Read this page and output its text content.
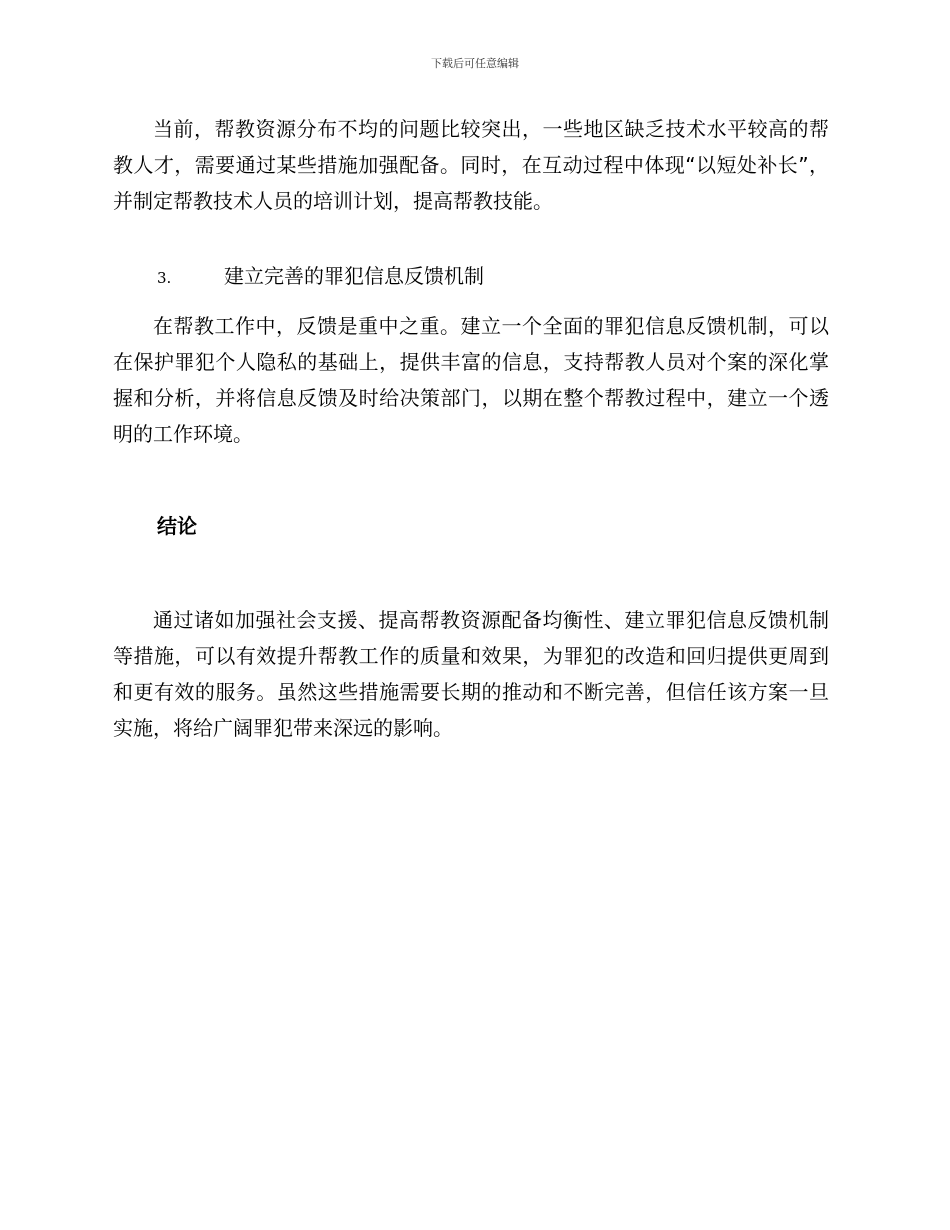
下载后可任意编辑

当前，帮教资源分布不均的问题比较突出，一些地区缺乏技术水平较高的帮教人才，需要通过某些措施加强配备。同时，在互动过程中体现“以短处补长”，并制定帮教技术人员的培训计划，提高帮教技能。

3.	建立完善的罪犯信息反馈机制

在帮教工作中，反馈是重中之重。建立一个全面的罪犯信息反馈机制，可以在保护罪犯个人隐私的基础上，提供丰富的信息，支持帮教人员对个案的深化掌握和分析，并将信息反馈及时给决策部门，以期在整个帮教过程中，建立一个透明的工作环境。

结论

通过诸如加强社会支援、提高帮教资源配备均衡性、建立罪犯信息反馈机制等措施，可以有效提升帮教工作的质量和效果，为罪犯的改造和回归提供更周到和更有效的服务。虽然这些措施需要长期的推动和不断完善，但信任该方案一旦实施，将给广阔罪犯带来深远的影响。
